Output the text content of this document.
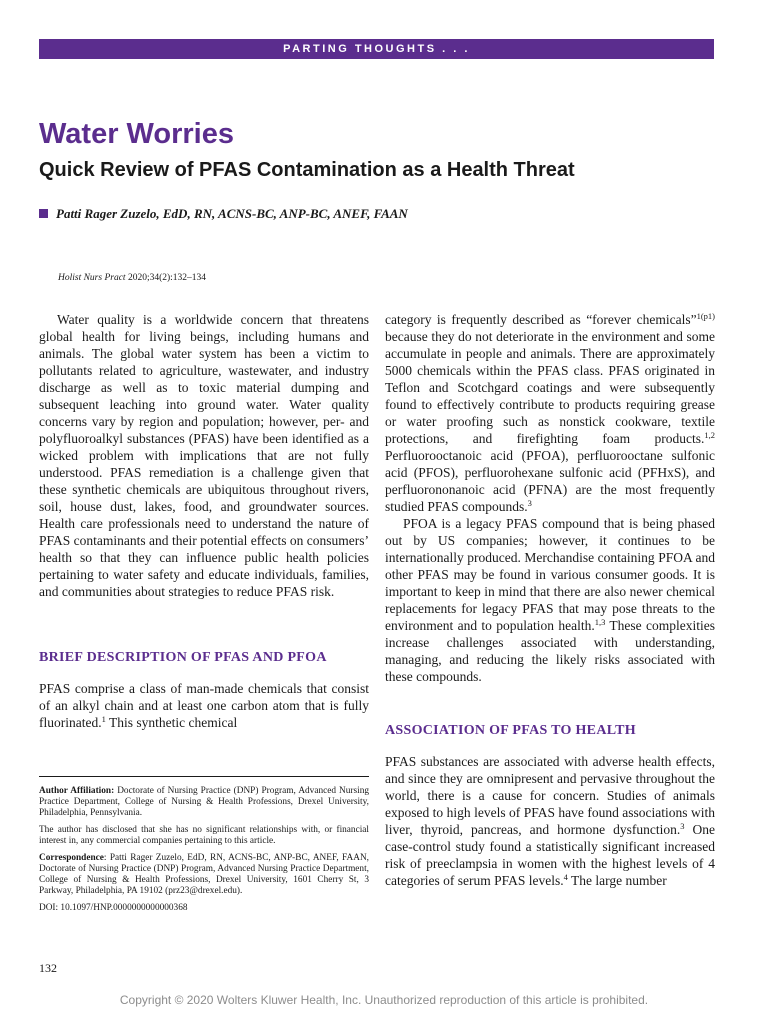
PARTING THOUGHTS . . .
Water Worries
Quick Review of PFAS Contamination as a Health Threat
Patti Rager Zuzelo, EdD, RN, ACNS-BC, ANP-BC, ANEF, FAAN
Holist Nurs Pract 2020;34(2):132–134

Water quality is a worldwide concern that threatens global health for living beings, including humans and animals. The global water system has been a victim to pollutants related to agriculture, wastewater, and industry discharge as well as to toxic material dumping and subsequent leaching into ground water. Water quality concerns vary by region and population; however, per- and polyfluoroalkyl substances (PFAS) have been identified as a wicked problem with implications that are not fully understood. PFAS remediation is a challenge given that these synthetic chemicals are ubiquitous throughout rivers, soil, house dust, lakes, food, and groundwater sources. Health care professionals need to understand the nature of PFAS contaminants and their potential effects on consumers’ health so that they can influence public health policies pertaining to water safety and educate individuals, families, and communities about strategies to reduce PFAS risk.

BRIEF DESCRIPTION OF PFAS AND PFOA

PFAS comprise a class of man-made chemicals that consist of an alkyl chain and at least one carbon atom that is fully fluorinated.$^1$ This synthetic chemical

category is frequently described as “forever chemicals”$^{1(p1)}$ because they do not deteriorate in the environment and some accumulate in people and animals. There are approximately 5000 chemicals within the PFAS class. PFAS originated in Teflon and Scotchgard coatings and were subsequently found to effectively contribute to products requiring grease or water proofing such as nonstick cookware, textile protections, and firefighting foam products.$^{1,2}$ Perfluorooctanoic acid (PFOA), perfluorooctane sulfonic acid (PFOS), perfluorohexane sulfonic acid (PFHxS), and perfluorononanoic acid (PFNA) are the most frequently studied PFAS compounds.$^3$

PFOA is a legacy PFAS compound that is being phased out by US companies; however, it continues to be internationally produced. Merchandise containing PFOA and other PFAS may be found in various consumer goods. It is important to keep in mind that there are also newer chemical replacements for legacy PFAS that may pose threats to the environment and to population health.$^{1,3}$ These complexities increase challenges associated with understanding, managing, and reducing the likely risks associated with these compounds.

ASSOCIATION OF PFAS TO HEALTH

PFAS substances are associated with adverse health effects, and since they are omnipresent and pervasive throughout the world, there is a cause for concern. Studies of animals exposed to high levels of PFAS have found associations with liver, thyroid, pancreas, and hormone dysfunction.$^3$ One case-control study found a statistically significant increased risk of preeclampsia in women with the highest levels of 4 categories of serum PFAS levels.$^4$ The large number

Author Affiliation: Doctorate of Nursing Practice (DNP) Program, Advanced Nursing Practice Department, College of Nursing & Health Professions, Drexel University, Philadelphia, Pennsylvania.

The author has disclosed that she has no significant relationships with, or financial interest in, any commercial companies pertaining to this article.

Correspondence: Patti Rager Zuzelo, EdD, RN, ACNS-BC, ANP-BC, ANEF, FAAN, Doctorate of Nursing Practice (DNP) Program, Advanced Nursing Practice Department, College of Nursing & Health Professions, Drexel University, 1601 Cherry St, 3 Parkway, Philadelphia, PA 19102 (prz23@drexel.edu).

DOI: 10.1097/HNP.0000000000000368

132
Copyright © 2020 Wolters Kluwer Health, Inc. Unauthorized reproduction of this article is prohibited.
